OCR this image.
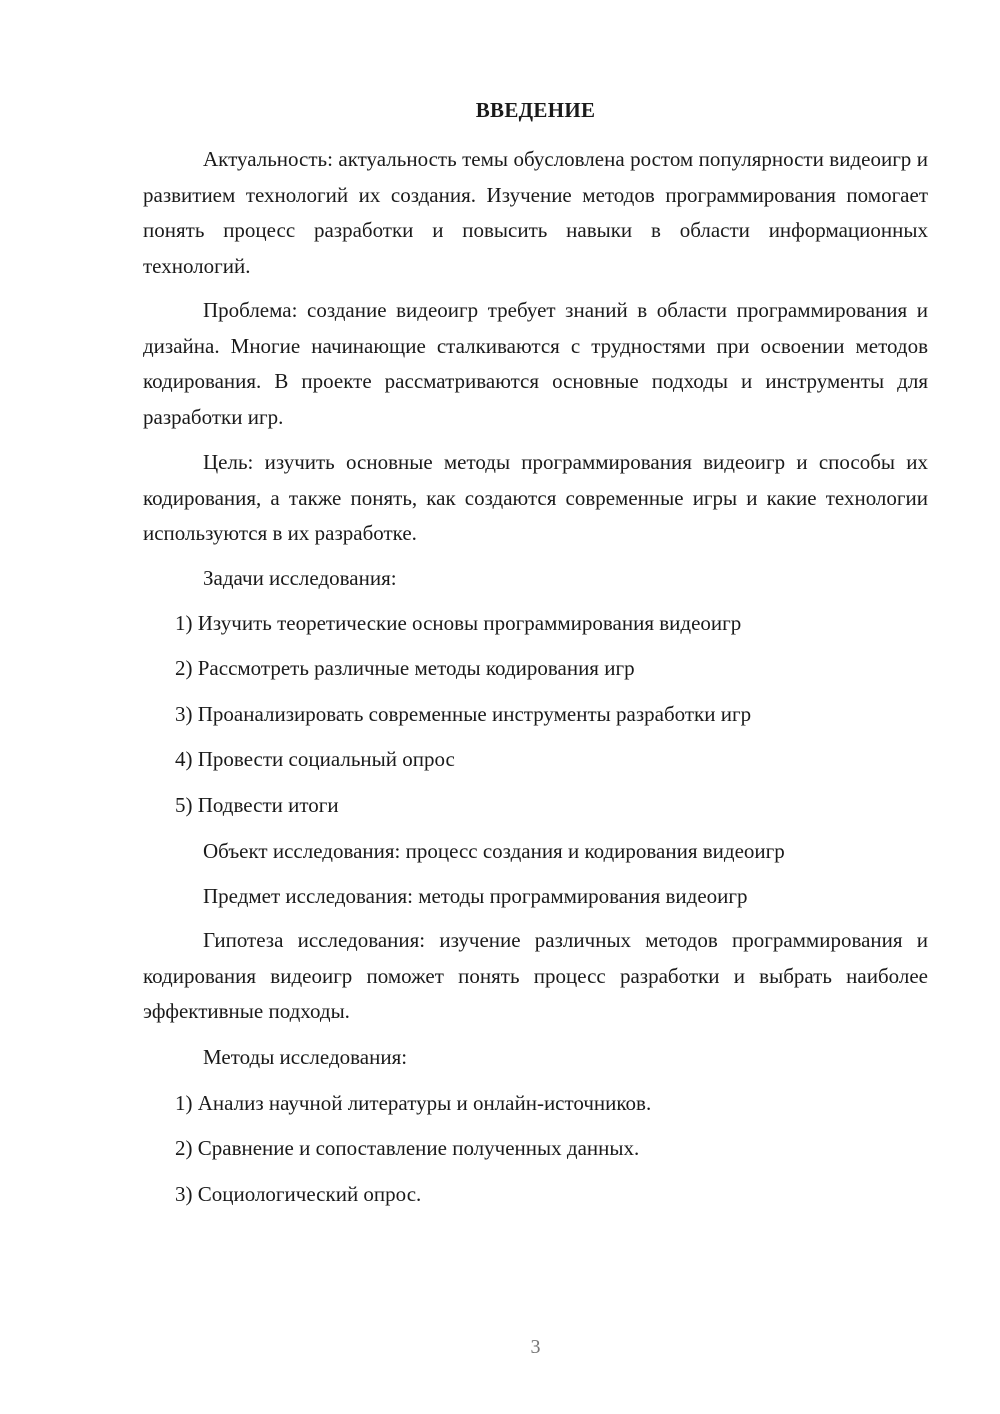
ВВЕДЕНИЕ
Актуальность: актуальность темы обусловлена ростом популярности видеоигр и развитием технологий их создания. Изучение методов программирования помогает понять процесс разработки и повысить навыки в области информационных технологий.
Проблема: создание видеоигр требует знаний в области программирования и дизайна. Многие начинающие сталкиваются с трудностями при освоении методов кодирования. В проекте рассматриваются основные подходы и инструменты для разработки игр.
Цель: изучить основные методы программирования видеоигр и способы их кодирования, а также понять, как создаются современные игры и какие технологии используются в их разработке.
Задачи исследования:
1) Изучить теоретические основы программирования видеоигр
2) Рассмотреть различные методы кодирования игр
3) Проанализировать современные инструменты разработки игр
4) Провести социальный опрос
5) Подвести итоги
Объект исследования: процесс создания и кодирования видеоигр
Предмет исследования: методы программирования видеоигр
Гипотеза исследования: изучение различных методов программирования и кодирования видеоигр поможет понять процесс разработки и выбрать наиболее эффективные подходы.
Методы исследования:
1) Анализ научной литературы и онлайн-источников.
2) Сравнение и сопоставление полученных данных.
3) Социологический опрос.
3
